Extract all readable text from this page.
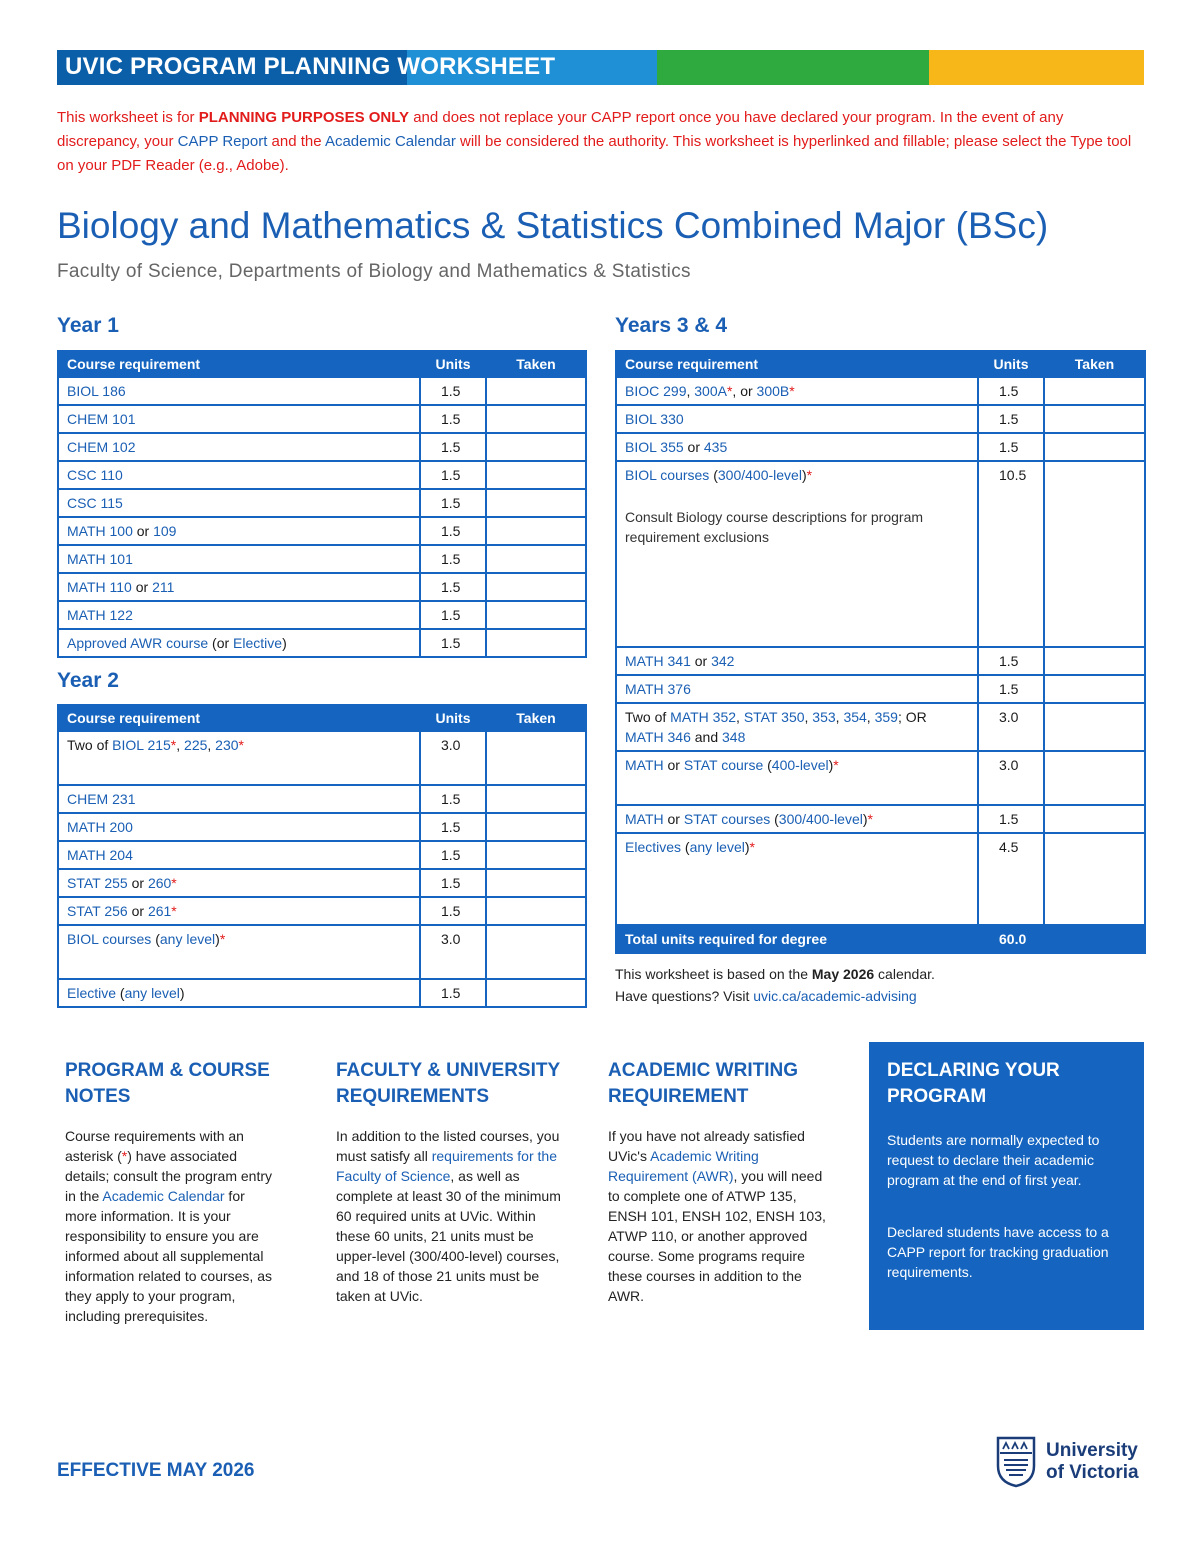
UVIC PROGRAM PLANNING WORKSHEET
This worksheet is for PLANNING PURPOSES ONLY and does not replace your CAPP report once you have declared your program. In the event of any discrepancy, your CAPP Report and the Academic Calendar will be considered the authority. This worksheet is hyperlinked and fillable; please select the Type tool on your PDF Reader (e.g., Adobe).
Biology and Mathematics & Statistics Combined Major (BSc)
Faculty of Science, Departments of Biology and Mathematics & Statistics
Year 1
Course requirement	Units	Taken
BIOL 186	1.5	
CHEM 101	1.5	
CHEM 102	1.5	
CSC 110	1.5	
CSC 115	1.5	
MATH 100 or 109	1.5	
MATH 101	1.5	
MATH 110 or 211	1.5	
MATH 122	1.5	
Approved AWR course (or Elective)	1.5	
Year 2
Course requirement	Units	Taken
Two of BIOL 215*, 225, 230*	3.0	
CHEM 231	1.5	
MATH 200	1.5	
MATH 204	1.5	
STAT 255 or 260*	1.5	
STAT 256 or 261*	1.5	
BIOL courses (any level)*	3.0	
Elective (any level)	1.5	
Years 3 & 4
Course requirement	Units	Taken
BIOC 299, 300A*, or 300B*	1.5	
BIOL 330	1.5	
BIOL 355 or 435	1.5	
BIOL courses (300/400-level)*
Consult Biology course descriptions for program requirement exclusions	10.5	
MATH 341 or 342	1.5	
MATH 376	1.5	
Two of MATH 352, STAT 350, 353, 354, 359; OR MATH 346 and 348	3.0	
MATH or STAT course (400-level)*	3.0	
MATH or STAT courses (300/400-level)*	1.5	
Electives (any level)*	4.5	
Total units required for degree	60.0	
This worksheet is based on the May 2026 calendar.
Have questions? Visit uvic.ca/academic-advising
PROGRAM & COURSE NOTES

Course requirements with an asterisk (*) have associated details; consult the program entry in the Academic Calendar for more information. It is your responsibility to ensure you are informed about all supplemental information related to courses, as they apply to your program, including prerequisites.

FACULTY & UNIVERSITY REQUIREMENTS

In addition to the listed courses, you must satisfy all requirements for the Faculty of Science, as well as complete at least 30 of the minimum 60 required units at UVic. Within these 60 units, 21 units must be upper-level (300/400-level) courses, and 18 of those 21 units must be taken at UVic.

ACADEMIC WRITING REQUIREMENT

If you have not already satisfied UVic's Academic Writing Requirement (AWR), you will need to complete one of ATWP 135, ENSH 101, ENSH 102, ENSH 103, ATWP 110, or another approved course. Some programs require these courses in addition to the AWR.

DECLARING YOUR PROGRAM

Students are normally expected to request to declare their academic program at the end of first year.

Declared students have access to a CAPP report for tracking graduation requirements.

EFFECTIVE MAY 2026
University
of Victoria
